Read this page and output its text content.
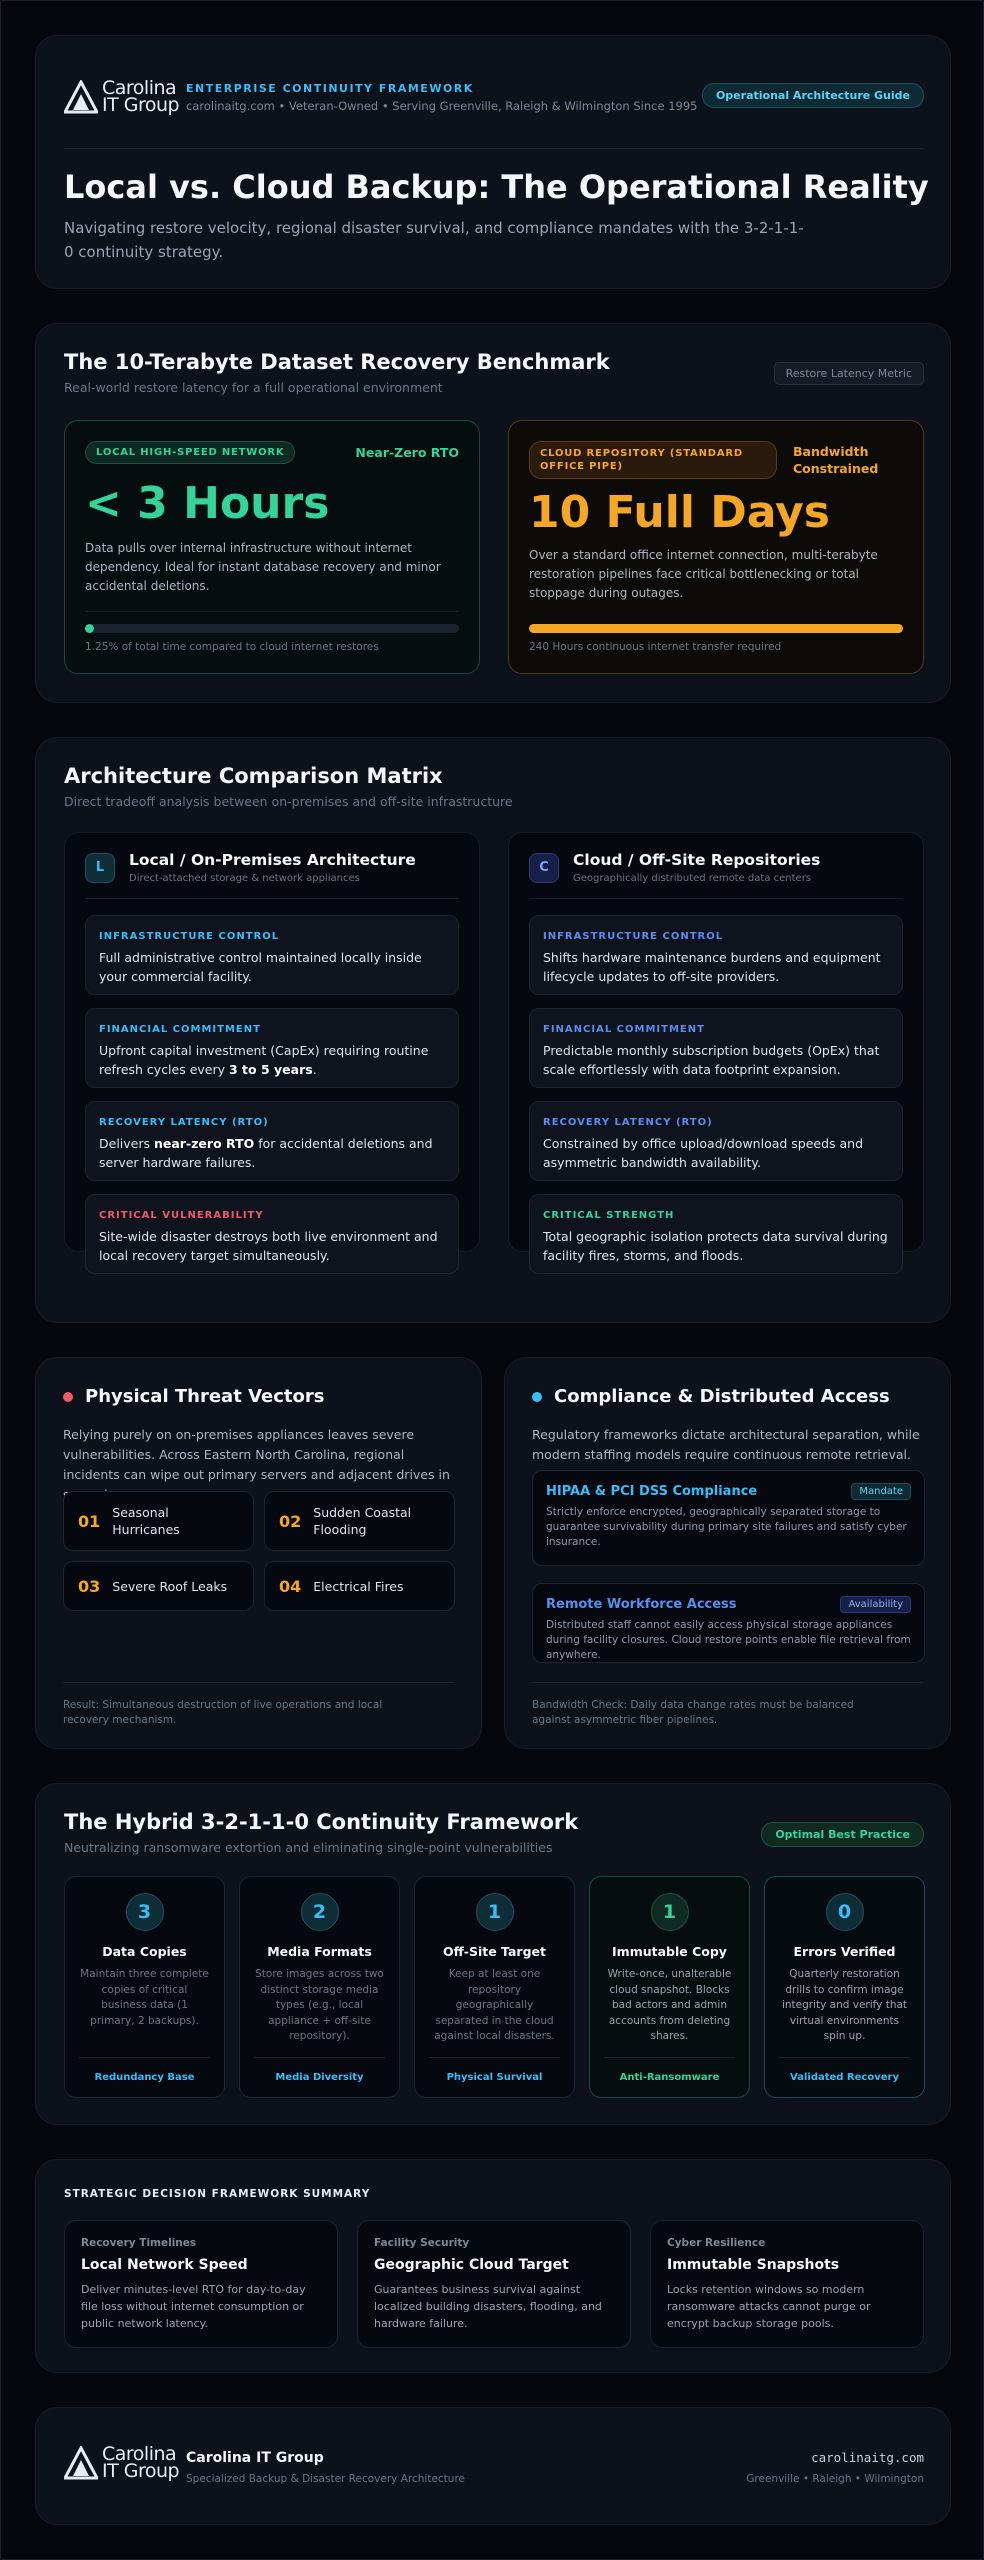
Carolina
IT Group
ENTERPRISE CONTINUITY FRAMEWORK
carolinaitg.com • Veteran-Owned • Serving Greenville, Raleigh & Wilmington Since 1995
Operational Architecture Guide
Local vs. Cloud Backup: The Operational Reality
Navigating restore velocity, regional disaster survival, and compliance mandates with the 3-2-1-1-0 continuity strategy.
The 10-Terabyte Dataset Recovery Benchmark
Real-world restore latency for a full operational environment
Restore Latency Metric
LOCAL HIGH-SPEED NETWORK	Near-Zero RTO
< 3 Hours
Data pulls over internal infrastructure without internet dependency. Ideal for instant database recovery and minor accidental deletions.
1.25% of total time compared to cloud internet restores
CLOUD REPOSITORY (STANDARD OFFICE PIPE)
Bandwidth Constrained
10 Full Days
Over a standard office internet connection, multi-terabyte restoration pipelines face critical bottlenecking or total stoppage during outages.
240 Hours continuous internet transfer required
Architecture Comparison Matrix
Direct tradeoff analysis between on-premises and off-site infrastructure
L	Local / On-Premises Architecture
Direct-attached storage & network appliances
INFRASTRUCTURE CONTROL
Full administrative control maintained locally inside your commercial facility.
FINANCIAL COMMITMENT
Upfront capital investment (CapEx) requiring routine refresh cycles every 3 to 5 years.
RECOVERY LATENCY (RTO)
Delivers near-zero RTO for accidental deletions and server hardware failures.
CRITICAL VULNERABILITY
Site-wide disaster destroys both live environment and local recovery target simultaneously.
C	Cloud / Off-Site Repositories
Geographically distributed remote data centers
INFRASTRUCTURE CONTROL
Shifts hardware maintenance burdens and equipment lifecycle updates to off-site providers.
FINANCIAL COMMITMENT
Predictable monthly subscription budgets (OpEx) that scale effortlessly with data footprint expansion.
RECOVERY LATENCY (RTO)
Constrained by office upload/download speeds and asymmetric bandwidth availability.
CRITICAL STRENGTH
Total geographic isolation protects data survival during facility fires, storms, and floods.
Physical Threat Vectors
Relying purely on on-premises appliances leaves severe vulnerabilities. Across Eastern North Carolina, regional incidents can wipe out primary servers and adjacent drives in
01 Seasonal Hurricanes	02 Sudden Coastal Flooding
03 Severe Roof Leaks	04 Electrical Fires
Result: Simultaneous destruction of live operations and local recovery mechanism.
Compliance & Distributed Access
Regulatory frameworks dictate architectural separation, while modern staffing models require continuous remote retrieval.
HIPAA & PCI DSS Compliance	Mandate
Strictly enforce encrypted, geographically separated storage to guarantee survivability during primary site failures and satisfy cyber insurance.
Remote Workforce Access	Availability
Distributed staff cannot easily access physical storage appliances during facility closures. Cloud restore points enable file retrieval from anywhere.
Bandwidth Check: Daily data change rates must be balanced against asymmetric fiber pipelines.
The Hybrid 3-2-1-1-0 Continuity Framework
Neutralizing ransomware extortion and eliminating single-point vulnerabilities
Optimal Best Practice
3
Data Copies
Maintain three complete copies of critical business data (1 primary, 2 backups).
Redundancy Base
2
Media Formats
Store images across two distinct storage media types (e.g., local appliance + off-site repository).
Media Diversity
1
Off-Site Target
Keep at least one repository geographically separated in the cloud against local disasters.
Physical Survival
1
Immutable Copy
Write-once, unalterable cloud snapshot. Blocks bad actors and admin accounts from deleting shares.
Anti-Ransomware
0
Errors Verified
Quarterly restoration drills to confirm image integrity and verify that virtual environments spin up.
Validated Recovery
STRATEGIC DECISION FRAMEWORK SUMMARY
Recovery Timelines
Local Network Speed
Deliver minutes-level RTO for day-to-day file loss without internet consumption or public network latency.
Facility Security
Geographic Cloud Target
Guarantees business survival against localized building disasters, flooding, and hardware failure.
Cyber Resilience
Immutable Snapshots
Locks retention windows so modern ransomware attacks cannot purge or encrypt backup storage pools.
Carolina
IT Group
Carolina IT Group
Specialized Backup & Disaster Recovery Architecture
carolinaitg.com
Greenville • Raleigh • Wilmington
